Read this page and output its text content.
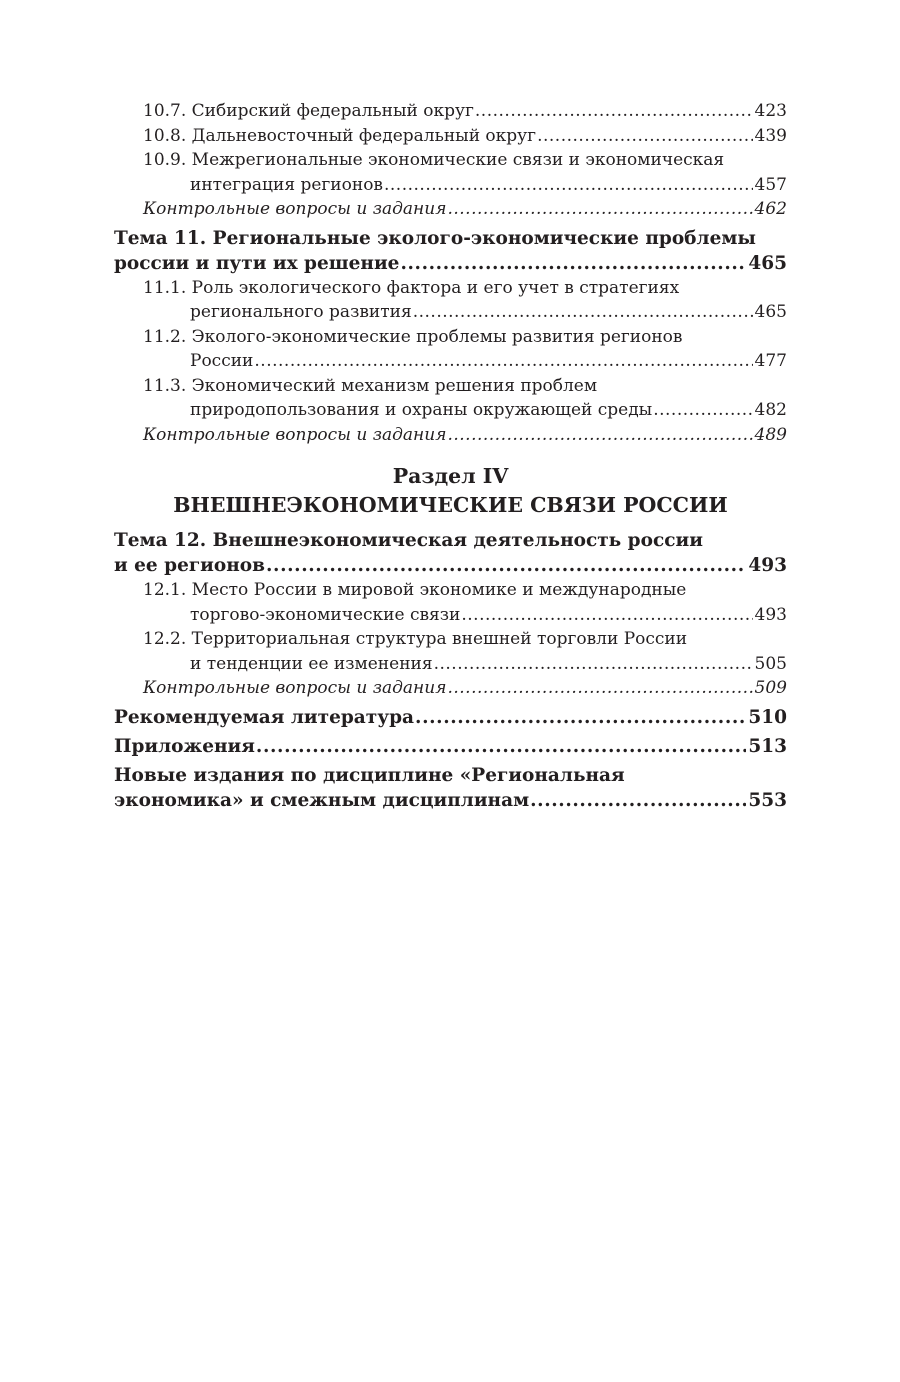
10.7. Сибирский федеральный округ .....	423
10.8. Дальневосточный федеральный округ .....	439
10.9. Межрегиональные экономические связи и экономическая
интеграция регионов .....	457
Контрольные вопросы и задания .....	462
Тема 11. Региональные эколого-экономические проблемы
россии и пути их решение .....	465
11.1. Роль экологического фактора и его учет в стратегиях
регионального развития .....	465
11.2. Эколого-экономические проблемы развития регионов
России .....	477
11.3. Экономический механизм решения проблем
природопользования и охраны окружающей среды .....	482
Контрольные вопросы и задания .....	489
Раздел IV
ВНЕШНЕЭКОНОМИЧЕСКИЕ СВЯЗИ РОССИИ
Тема 12. Внешнеэкономическая деятельность россии
и ее регионов .....	493
12.1. Место России в мировой экономике и международные
торгово-экономические связи .....	493
12.2. Территориальная структура внешней торговли России
и тенденции ее изменения .....	505
Контрольные вопросы и задания .....	509
Рекомендуемая литература .....	510
Приложения .....	513
Новые издания по дисциплине «Региональная
экономика» и смежным дисциплинам .....	553
